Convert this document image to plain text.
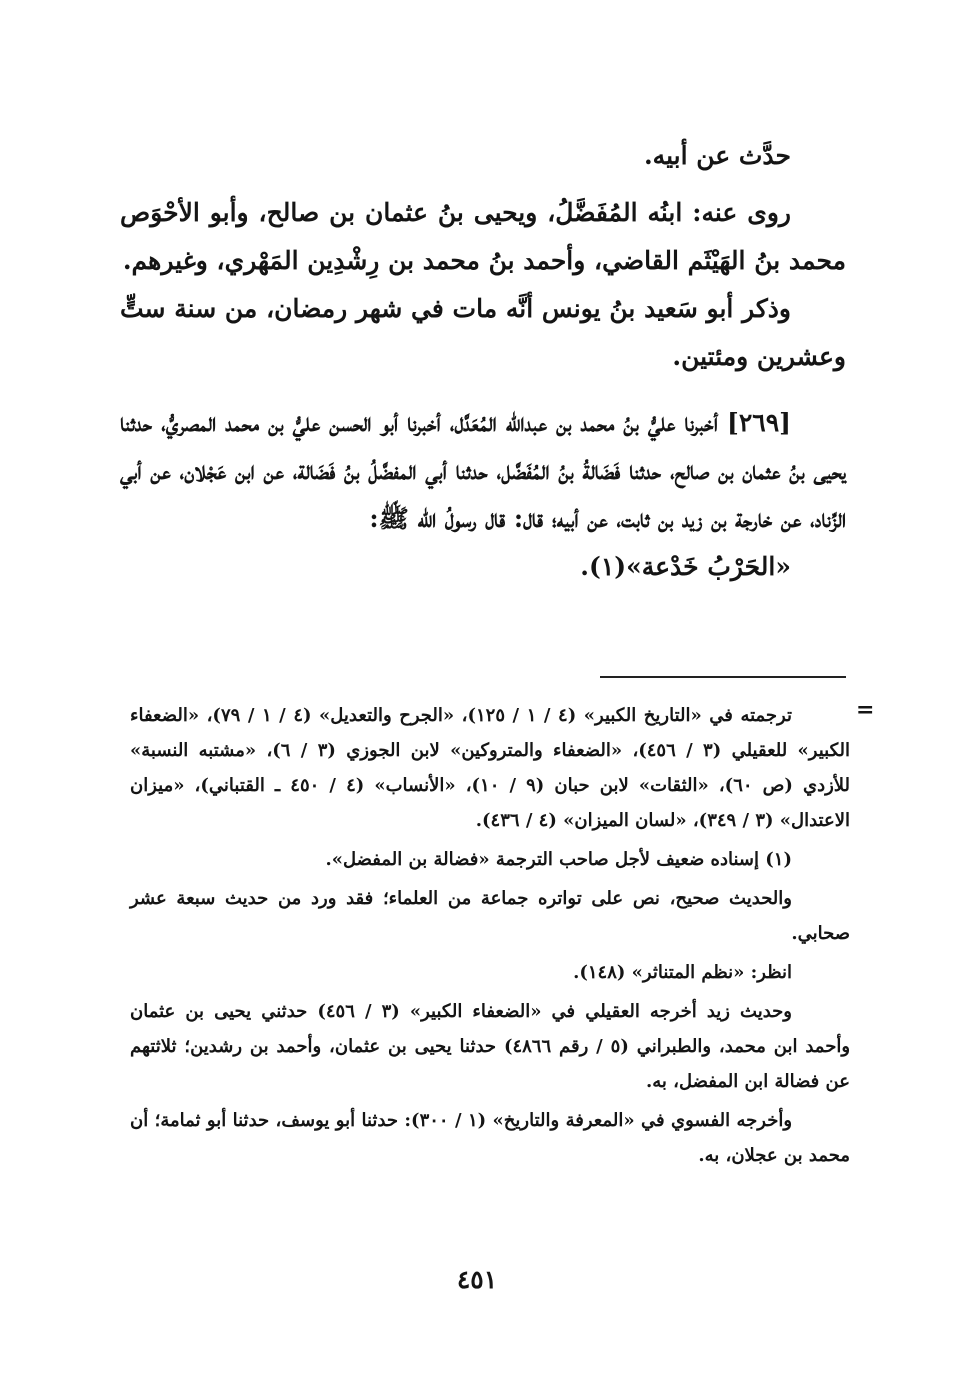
حدَّث عن أبيه.

روى عنه: ابنُه المُفَضَّلُ، ويحيى بنُ عثمان بن صالح، وأبو الأحْوَص محمد بنُ الهَيْثَم القاضي، وأحمد بنُ محمد بن رِشْدِين المَهْري، وغيرهم.

وذكر أبو سَعيد بنُ يونس أنَّه مات في شهر رمضان، من سنة ستٍّ وعشرين ومئتين.

[٢٦٩] أخبرنا عليُّ بنُ محمد بن عبدالله المُعَدَّل، أخبرنا أبو الحسن عليُّ بن محمد المصريُّ، حدثنا يحيى بنُ عثمان بن صالح، حدثنا فَضَالةُ بنُ المُفَضَّل، حدثنا أبي المفضَّلُ بنُ فَضَالة، عن ابن عَجْلان، عن أبي الزِّناد، عن خارجة بن زيد بن ثابت، عن أبيه؛ قال: قال رسولُ الله ﷺ:

«الحَرْبُ خَدْعة»(١).

=

ترجمته في «التاريخ الكبير» (٤ / ١ / ١٢٥)، «الجرح والتعديل» (٤ / ١ / ٧٩)، «الضعفاء الكبير» للعقيلي (٣ / ٤٥٦)، «الضعفاء والمتروكين» لابن الجوزي (٣ / ٦)، «مشتبه النسبة» للأزدي (ص ٦٠)، «الثقات» لابن حبان (٩ / ١٠)، «الأنساب» (٤ / ٤٥٠ ـ القتباني)، «ميزان الاعتدال» (٣ / ٣٤٩)، «لسان الميزان» (٤ / ٤٣٦).

(١) إسناده ضعيف لأجل صاحب الترجمة «فضالة بن المفضل».

والحديث صحيح، نص على تواتره جماعة من العلماء؛ فقد ورد من حديث سبعة عشر صحابي.

انظر: «نظم المتناثر» (١٤٨).

وحديث زيد أخرجه العقيلي في «الضعفاء الكبير» (٣ / ٤٥٦) حدثني يحيى بن عثمان وأحمد ابن محمد، والطبراني (٥ / رقم ٤٨٦٦) حدثنا يحيى بن عثمان، وأحمد بن رشدين؛ ثلاثتهم عن فضالة ابن المفضل، به.

وأخرجه الفسوي في «المعرفة والتاريخ» (١ / ٣٠٠): حدثنا أبو يوسف، حدثنا أبو ثمامة؛ أن محمد بن عجلان، به.

٤٥١
